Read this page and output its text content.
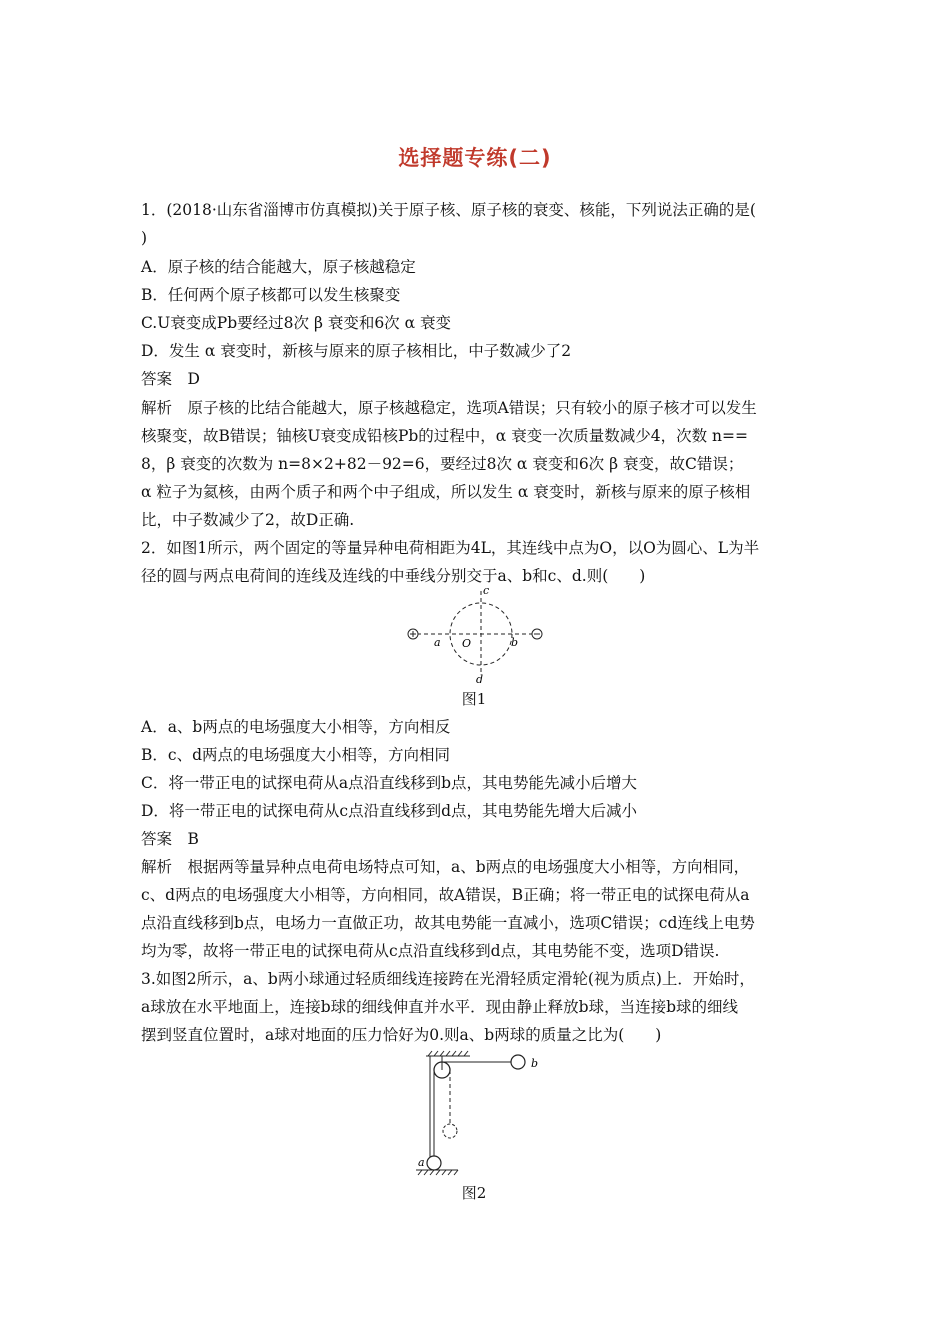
选择题专练(二)
1．(2018·山东省淄博市仿真模拟)关于原子核、原子核的衰变、核能，下列说法正确的是(
)
A．原子核的结合能越大，原子核越稳定
B．任何两个原子核都可以发生核聚变
C.U衰变成Pb要经过8次 β 衰变和6次 α 衰变
D．发生 α 衰变时，新核与原来的原子核相比，中子数减少了2
答案　D
解析　原子核的比结合能越大，原子核越稳定，选项A错误；只有较小的原子核才可以发生
核聚变，故B错误；铀核U衰变成铅核Pb的过程中，α 衰变一次质量数减少4，次数 n==
8，β 衰变的次数为 n=8×2+82－92=6，要经过8次 α 衰变和6次 β 衰变，故C错误；
α 粒子为氦核，由两个质子和两个中子组成，所以发生 α 衰变时，新核与原来的原子核相
比，中子数减少了2，故D正确.
2．如图1所示，两个固定的等量异种电荷相距为4L，其连线中点为O，以O为圆心、L为半
径的圆与两点电荷间的连线及连线的中垂线分别交于a、b和c、d.则(　　)
c
d
a	b
O
图1
A．a、b两点的电场强度大小相等，方向相反
B．c、d两点的电场强度大小相等，方向相同
C．将一带正电的试探电荷从a点沿直线移到b点，其电势能先减小后增大
D．将一带正电的试探电荷从c点沿直线移到d点，其电势能先增大后减小
答案　B
解析　根据两等量异种点电荷电场特点可知，a、b两点的电场强度大小相等，方向相同，
c、d两点的电场强度大小相等，方向相同，故A错误，B正确；将一带正电的试探电荷从a
点沿直线移到b点，电场力一直做正功，故其电势能一直减小，选项C错误；cd连线上电势
均为零，故将一带正电的试探电荷从c点沿直线移到d点，其电势能不变，选项D错误.
3.如图2所示，a、b两小球通过轻质细线连接跨在光滑轻质定滑轮(视为质点)上．开始时，
a球放在水平地面上，连接b球的细线伸直并水平．现由静止释放b球，当连接b球的细线
摆到竖直位置时，a球对地面的压力恰好为0.则a、b两球的质量之比为(　　)
b
a
图2
